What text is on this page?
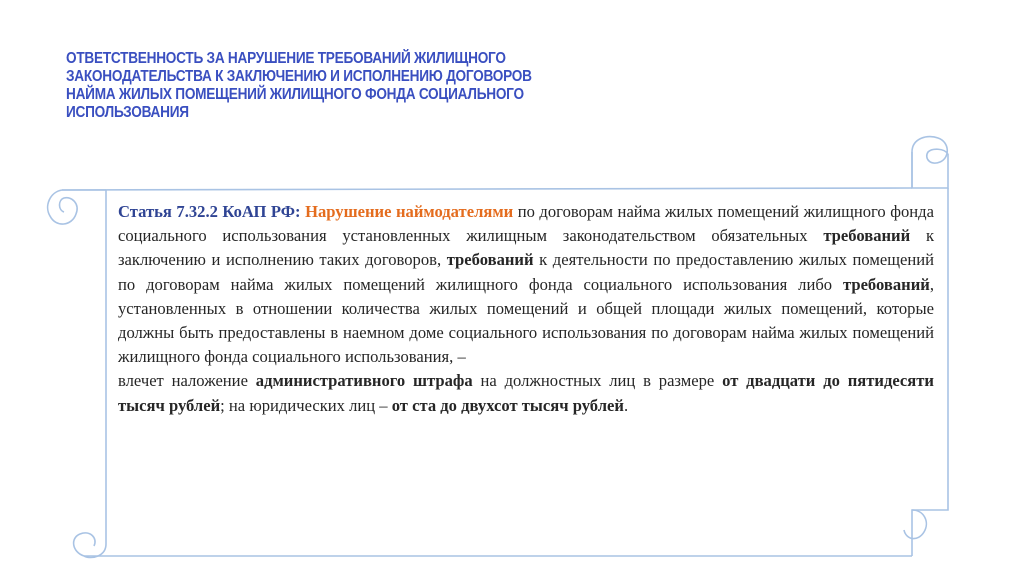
ОТВЕТСТВЕННОСТЬ ЗА НАРУШЕНИЕ ТРЕБОВАНИЙ ЖИЛИЩНОГО
ЗАКОНОДАТЕЛЬСТВА К ЗАКЛЮЧЕНИЮ И ИСПОЛНЕНИЮ ДОГОВОРОВ
НАЙМА ЖИЛЫХ ПОМЕЩЕНИЙ ЖИЛИЩНОГО ФОНДА СОЦИАЛЬНОГО
ИСПОЛЬЗОВАНИЯ

Статья 7.32.2 КоАП РФ: Нарушение наймодателями по договорам найма жилых помещений жилищного фонда социального использования установленных жилищным законодательством обязательных требований к заключению и исполнению таких договоров, требований к деятельности по предоставлению жилых помещений по договорам найма жилых помещений жилищного фонда социального использования либо требований, установленных в отношении количества жилых помещений и общей площади жилых помещений, которые должны быть предоставлены в наемном доме социального использования по договорам найма жилых помещений жилищного фонда социального использования, –

влечет наложение административного штрафа на должностных лиц в размере от двадцати до пятидесяти тысяч рублей; на юридических лиц – от ста до двухсот тысяч рублей.
